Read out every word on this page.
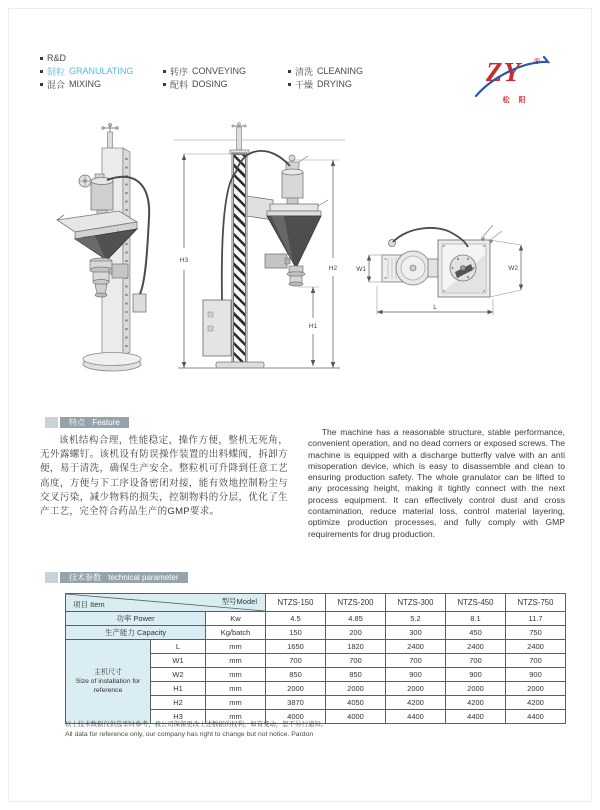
R&D
制粒 GRANULATING
混合 MIXING
转序 CONVEYING
配料 DOSING
清洗 CLEANING
干燥 DRYING	ZY ®
松阳
H3
H2
H1
W1	W2
L
特点 Feature
该机结构合理，性能稳定，操作方便，整机无死角，无外露螺钉。该机设有防误操作装置的出料蝶阀，拆卸方便，易于清洗，确保生产安全。整粒机可升降到任意工艺高度，方便与下工序设备密闭对接，能有效地控制粉尘与交叉污染，减少物料的损失，控制物料的分层，优化了生产工艺，完全符合药品生产的GMP要求。
The machine has a reasonable structure, stable performance, convenient operation, and no dead corners or exposed screws. The machine is equipped with a discharge butterfly valve with an anti misoperation device, which is easy to disassemble and clean to ensuring production safety. The whole granulator can be lifted to any processing height, making it tightly connect with the next process equipment. It can effectively control dust and cross contamination, reduce material loss, control material layering, optimize production processes, and fully comply with GMP requirements for drug production.
技术参数 technical parameter
项目 Item 型号Model			NTZS-150	NTZS-200	NTZS-300	NTZS-450	NTZS-750
功率 Power		Kw	4.5	4.85	5.2	8.1	11.7
生产能力 Capacity		Kg/batch	150	200	300	450	750

主机尺寸
Size of installation for reference	L	mm	1650	1820	2400	2400	2400
	W1	mm	700	700	700	700	700
	W2	mm	850	850	900	900	900
	H1	mm	2000	2000	2000	2000	2000
	H2	mm	3870	4050	4200	4200	4200
	H3	mm	4000	4000	4400	4400	4400
以上技术数据仅供选型时参考，我公司保留更改上述数据的权利，如有变动，恕不另行通知。
All data for reference only, our company has right to change but not notice. Pardon
